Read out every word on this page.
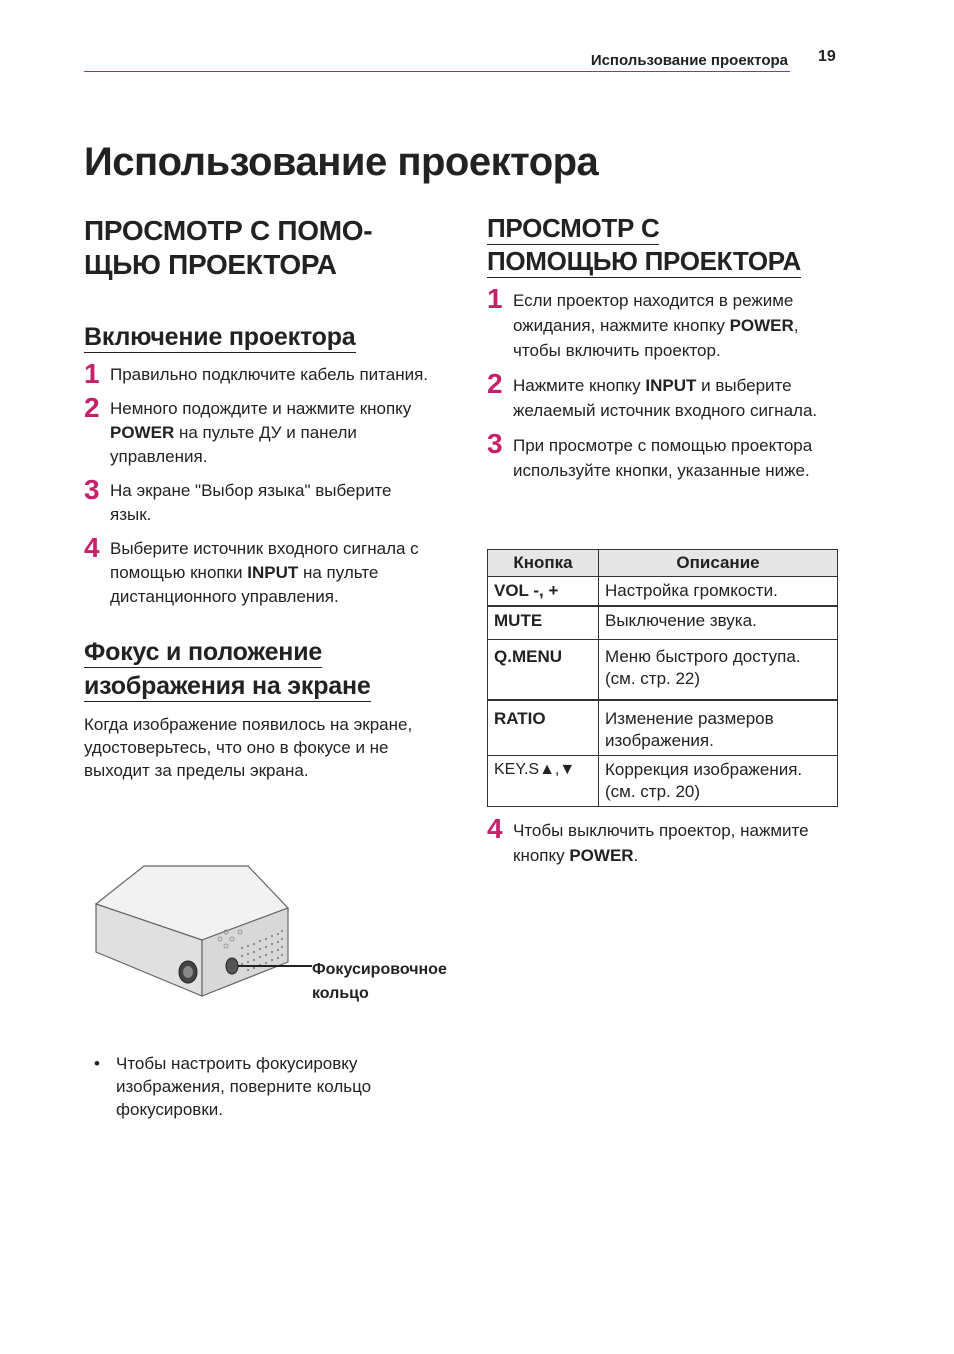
Использование проектора 19
Использование проектора
ПРОСМОТР С ПОМО-
ЩЬЮ ПРОЕКТОРА
Включение проектора
1 Правильно подключите кабель питания.
2 Немного подождите и нажмите кнопку POWER на пульте ДУ и панели управления.
3 На экране "Выбор языка" выберите язык.
4 Выберите источник входного сигнала с помощью кнопки INPUT на пульте дистанционного управления.
Фокус и положение
изображения на экране

Когда изображение появилось на экране, удостоверьтесь, что оно в фокусе и не выходит за пределы экрана.

Фокусировочное кольцо
• Чтобы настроить фокусировку изображения, поверните кольцо фокусировки.
ПРОСМОТР С
ПОМОЩЬЮ ПРОЕКТОРА
1 Если проектор находится в режиме ожидания, нажмите кнопку POWER, чтобы включить проектор.
2 Нажмите кнопку INPUT и выберите желаемый источник входного сигнала.
3 При просмотре с помощью проектора используйте кнопки, указанные ниже.
Кнопка	Описание
VOL -, +	Настройка громкости.
MUTE	Выключение звука.
Q.MENU	Меню быстрого доступа. (см. стр. 22)
RATIO	Изменение размеров изображения.
KEY.S▲,▼	Коррекция изображения. (см. стр. 20)
4 Чтобы выключить проектор, нажмите кнопку POWER.
